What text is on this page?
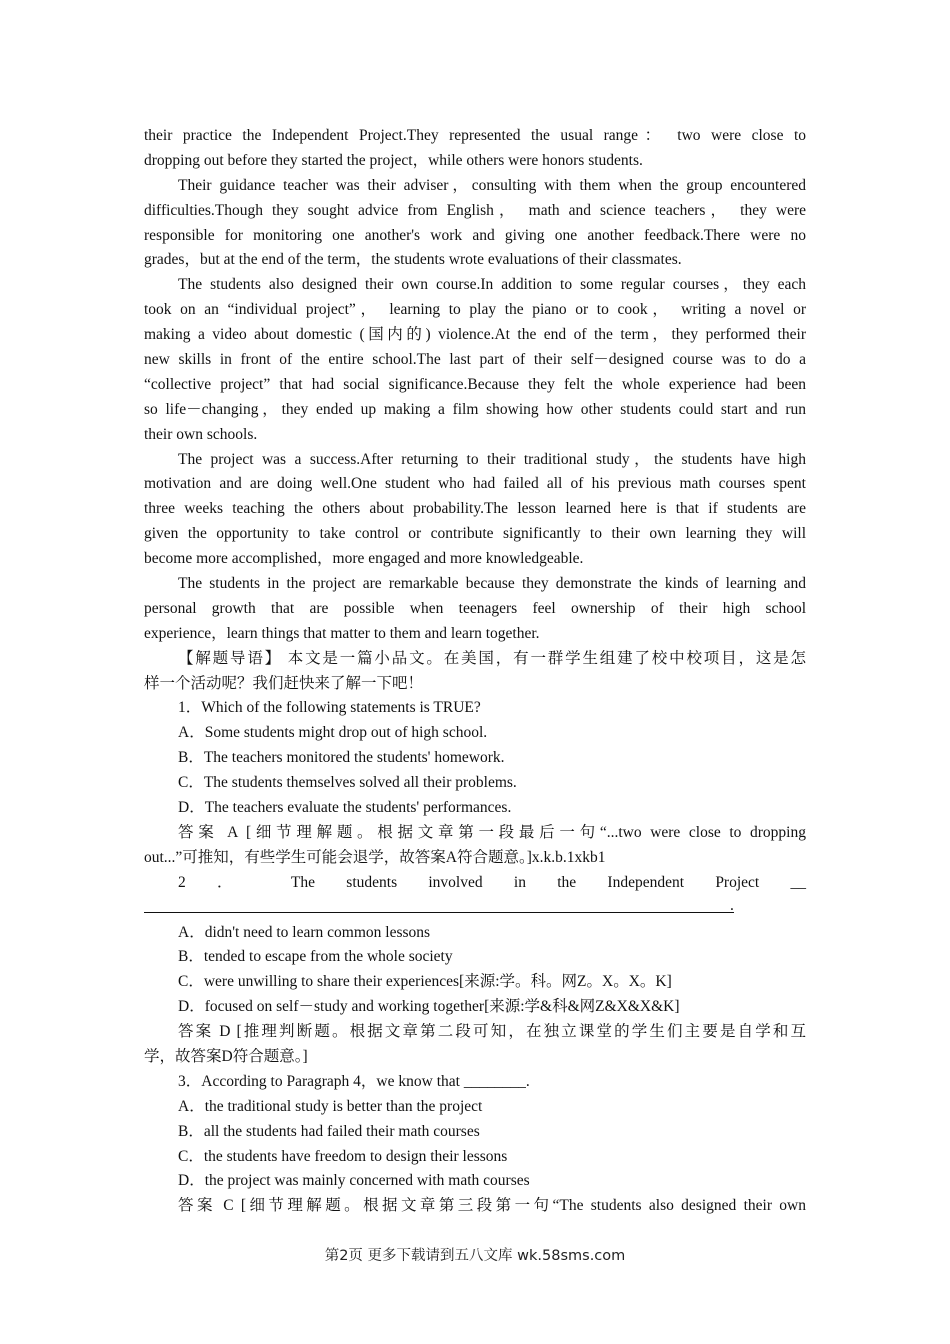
their practice the Independent Project.They represented the usual range： two were close to
dropping out before they started the project，while others were honors students.
Their guidance teacher was their adviser，consulting with them when the group encountered
difficulties.Though they sought advice from English， math and science teachers， they were
responsible for monitoring one another's work and giving one another feedback.There were no
grades，but at the end of the term，the students wrote evaluations of their classmates.
The students also designed their own course.In addition to some regular courses，they each
took on an “individual project”， learning to play the piano or to cook， writing a novel or
making a video about domestic (国内的) violence.At the end of the term，they performed their
new skills in front of the entire school.The last part of their self－designed course was to do a
“collective project” that had social significance.Because they felt the whole experience had been
so life－changing，they ended up making a film showing how other students could start and run
their own schools.
The project was a success.After returning to their traditional study，the students have high
motivation and are doing well.One student who had failed all of his previous math courses spent
three weeks teaching the others about probability.The lesson learned here is that if students are
given the opportunity to take control or contribute significantly to their own learning they will
become more accomplished，more engaged and more knowledgeable.
The students in the project are remarkable because they demonstrate the kinds of learning and
personal growth that are possible when teenagers feel ownership of their high school
experience，learn things that matter to them and learn together.
【解题导语】 本文是一篇小品文。在美国，有一群学生组建了校中校项目，这是怎
样一个活动呢？我们赶快来了解一下吧！
1．Which of the following statements is TRUE?
A．Some students might drop out of high school.
B．The teachers monitored the students' homework.
C．The students themselves solved all their problems.
D．The teachers evaluate the students' performances.
答案 A [细节理解题。根据文章第一段最后一句“...two were close to dropping
out...”可推知，有些学生可能会退学，故答案A符合题意。]x.k.b.1xkb1
2 ． The students involved in the Independent Project __
.
A．didn't need to learn common lessons
B．tended to escape from the whole society
C．were unwilling to share their experiences[来源:学。科。网Z。X。X。K]
D．focused on self－study and working together[来源:学&科&网Z&X&X&K]
答案 D [推理判断题。根据文章第二段可知，在独立课堂的学生们主要是自学和互
学，故答案D符合题意。]
3．According to Paragraph 4，we know that ________.
A．the traditional study is better than the project
B．all the students had failed their math courses
C．the students have freedom to design their lessons
D．the project was mainly concerned with math courses
答案 C [细节理解题。根据文章第三段第一句“The students also designed their own
第2页 更多下载请到五八文库 wk.58sms.com
